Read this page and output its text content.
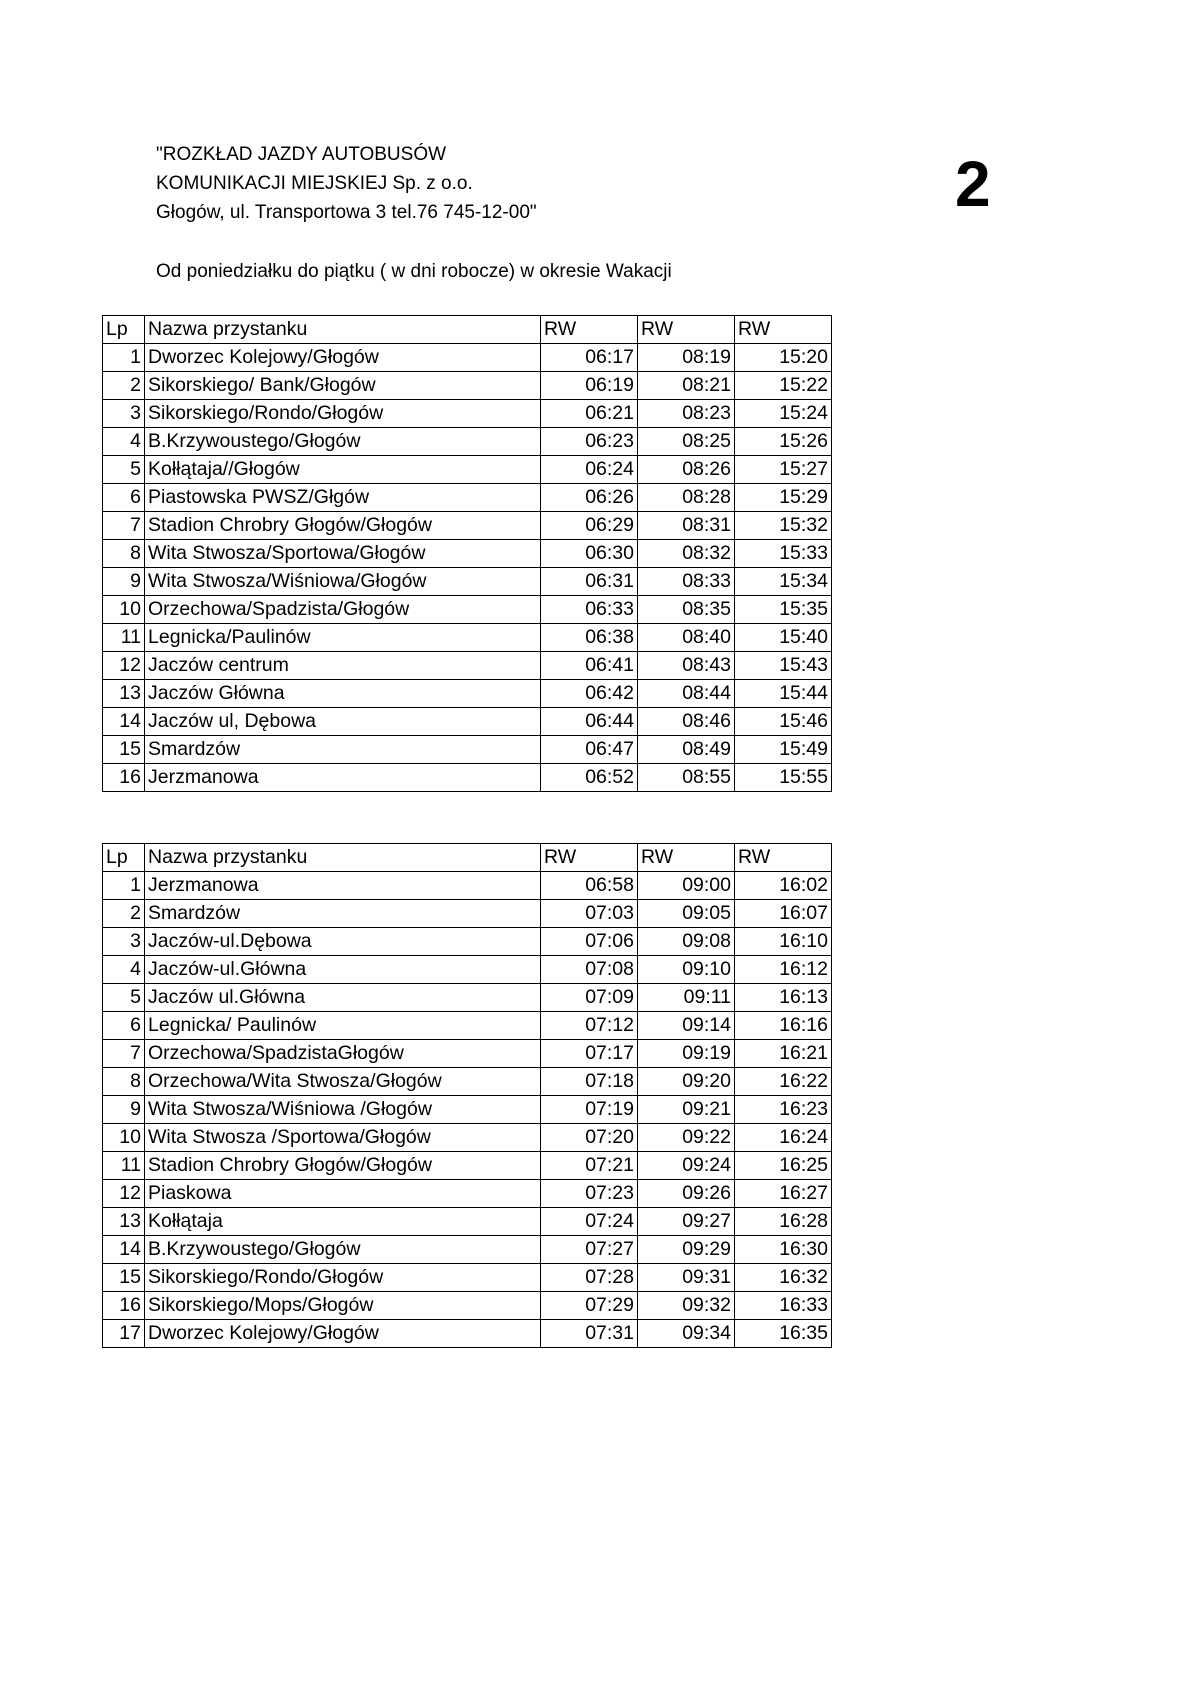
"ROZKŁAD JAZDY AUTOBUSÓW
KOMUNIKACJI MIEJSKIEJ Sp. z o.o.
Głogów, ul. Transportowa 3 tel.76 745-12-00"	2
Od poniedziałku do piątku ( w dni robocze) w okresie Wakacji
Lp	Nazwa przystanku	RW	RW	RW
1	Dworzec Kolejowy/Głogów	06:17	08:19	15:20
2	Sikorskiego/ Bank/Głogów	06:19	08:21	15:22
3	Sikorskiego/Rondo/Głogów	06:21	08:23	15:24
4	B.Krzywoustego/Głogów	06:23	08:25	15:26
5	Kołłątaja//Głogów	06:24	08:26	15:27
6	Piastowska PWSZ/Głgów	06:26	08:28	15:29
7	Stadion Chrobry Głogów/Głogów	06:29	08:31	15:32
8	Wita Stwosza/Sportowa/Głogów	06:30	08:32	15:33
9	Wita Stwosza/Wiśniowa/Głogów	06:31	08:33	15:34
10	Orzechowa/Spadzista/Głogów	06:33	08:35	15:35
11	Legnicka/Paulinów	06:38	08:40	15:40
12	Jaczów centrum	06:41	08:43	15:43
13	Jaczów Główna	06:42	08:44	15:44
14	Jaczów ul, Dębowa	06:44	08:46	15:46
15	Smardzów	06:47	08:49	15:49
16	Jerzmanowa	06:52	08:55	15:55
Lp	Nazwa przystanku	RW	RW	RW
1	Jerzmanowa	06:58	09:00	16:02
2	Smardzów	07:03	09:05	16:07
3	Jaczów-ul.Dębowa	07:06	09:08	16:10
4	Jaczów-ul.Główna	07:08	09:10	16:12
5	Jaczów ul.Główna	07:09	09:11	16:13
6	Legnicka/ Paulinów	07:12	09:14	16:16
7	Orzechowa/SpadzistaGłogów	07:17	09:19	16:21
8	Orzechowa/Wita Stwosza/Głogów	07:18	09:20	16:22
9	Wita Stwosza/Wiśniowa /Głogów	07:19	09:21	16:23
10	Wita Stwosza /Sportowa/Głogów	07:20	09:22	16:24
11	Stadion Chrobry Głogów/Głogów	07:21	09:24	16:25
12	Piaskowa	07:23	09:26	16:27
13	Kołłątaja	07:24	09:27	16:28
14	B.Krzywoustego/Głogów	07:27	09:29	16:30
15	Sikorskiego/Rondo/Głogów	07:28	09:31	16:32
16	Sikorskiego/Mops/Głogów	07:29	09:32	16:33
17	Dworzec Kolejowy/Głogów	07:31	09:34	16:35
